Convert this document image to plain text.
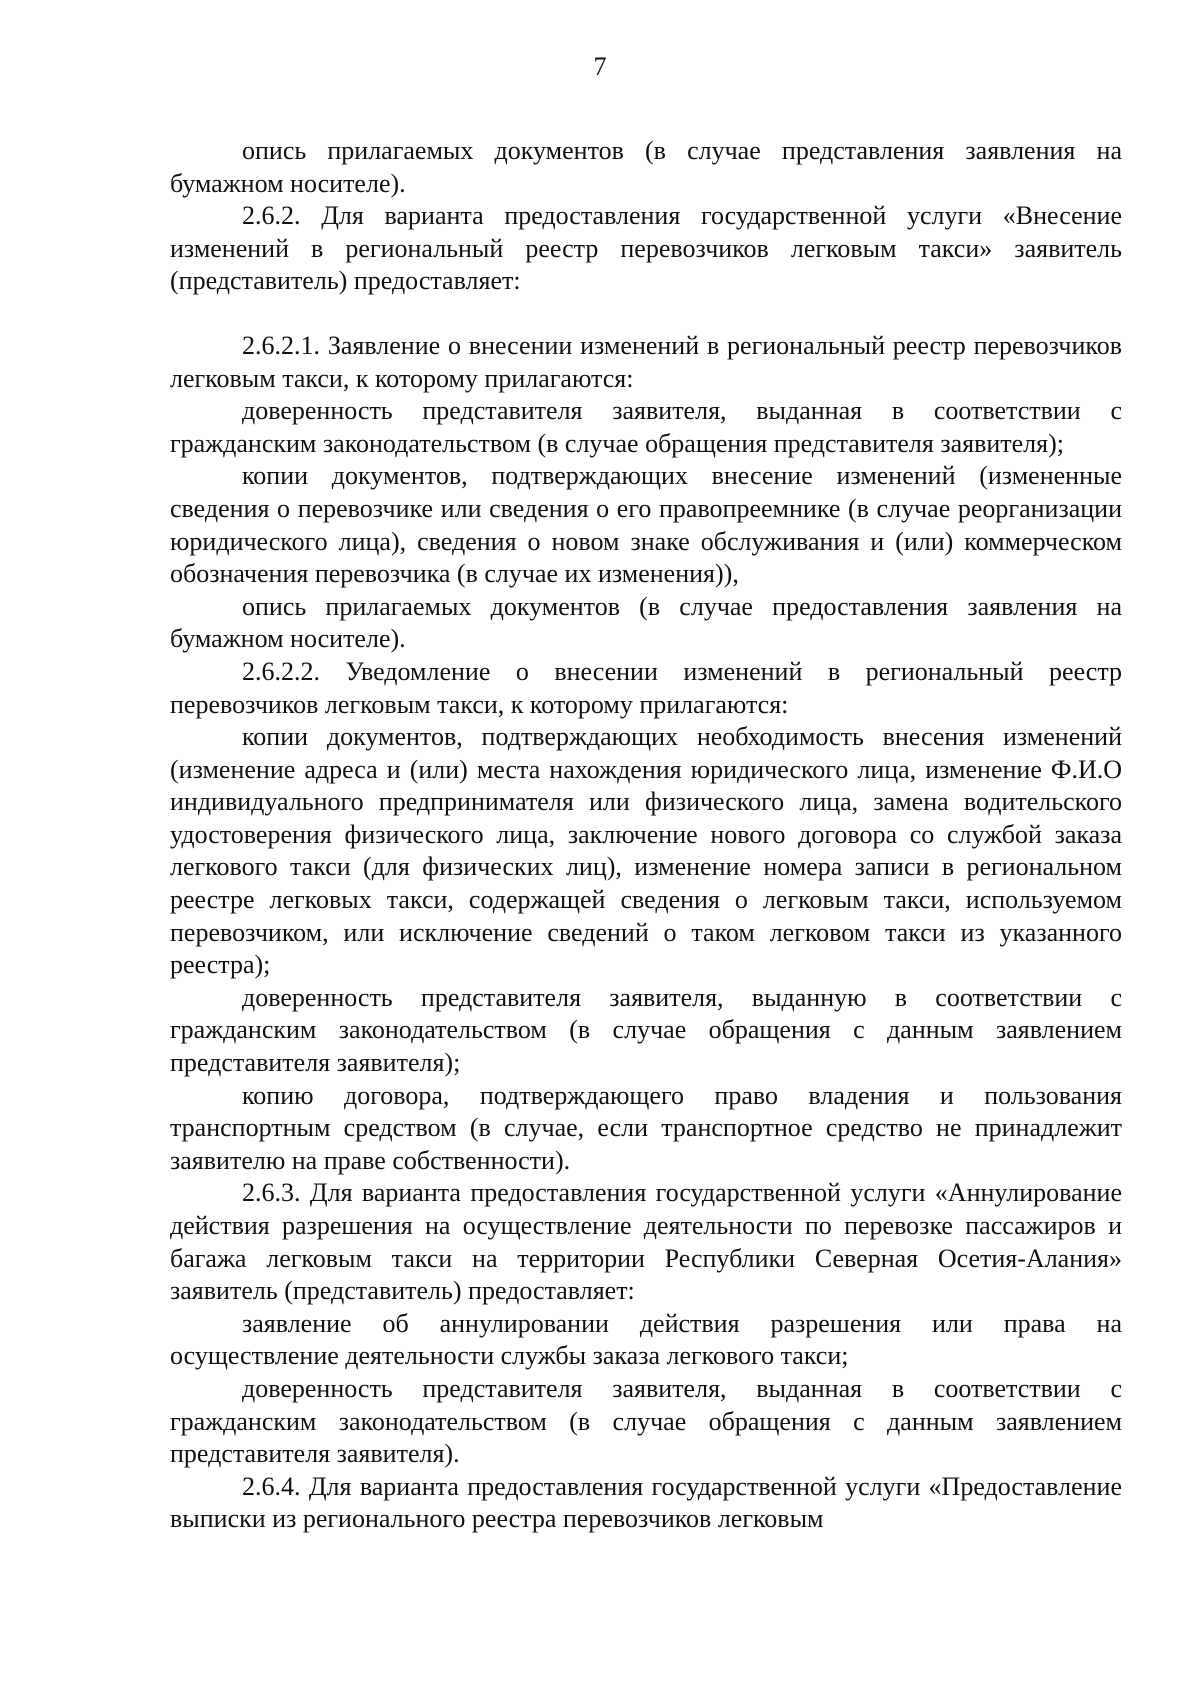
7

опись прилагаемых документов (в случае представления заявления на бумажном носителе).

2.6.2. Для варианта предоставления государственной услуги «Внесение изменений в региональный реестр перевозчиков легковым такси» заявитель (представитель) предоставляет:

2.6.2.1. Заявление о внесении изменений в региональный реестр перевозчиков легковым такси, к которому прилагаются:

доверенность представителя заявителя, выданная в соответствии с гражданским законодательством (в случае обращения представителя заявителя);

копии документов, подтверждающих внесение изменений (измененные сведения о перевозчике или сведения о его правопреемнике (в случае реорганизации юридического лица), сведения о новом знаке обслуживания и (или) коммерческом обозначения перевозчика (в случае их изменения)),

опись прилагаемых документов (в случае предоставления заявления на бумажном носителе).

2.6.2.2. Уведомление о внесении изменений в региональный реестр перевозчиков легковым такси, к которому прилагаются:

копии документов, подтверждающих необходимость внесения изменений (изменение адреса и (или) места нахождения юридического лица, изменение Ф.И.О индивидуального предпринимателя или физического лица, замена водительского удостоверения физического лица, заключение нового договора со службой заказа легкового такси (для физических лиц), изменение номера записи в региональном реестре легковых такси, содержащей сведения о легковым такси, используемом перевозчиком, или исключение сведений о таком легковом такси из указанного реестра);

доверенность представителя заявителя, выданную в соответствии с гражданским законодательством (в случае обращения с данным заявлением представителя заявителя);

копию договора, подтверждающего право владения и пользования транспортным средством (в случае, если транспортное средство не принадлежит заявителю на праве собственности).

2.6.3. Для варианта предоставления государственной услуги «Аннулирование действия разрешения на осуществление деятельности по перевозке пассажиров и багажа легковым такси на территории Республики Северная Осетия-Алания» заявитель (представитель) предоставляет:

заявление об аннулировании действия разрешения или права на осуществление деятельности службы заказа легкового такси;

доверенность представителя заявителя, выданная в соответствии с гражданским законодательством (в случае обращения с данным заявлением представителя заявителя).

2.6.4. Для варианта предоставления государственной услуги «Предоставление выписки из регионального реестра перевозчиков легковым
